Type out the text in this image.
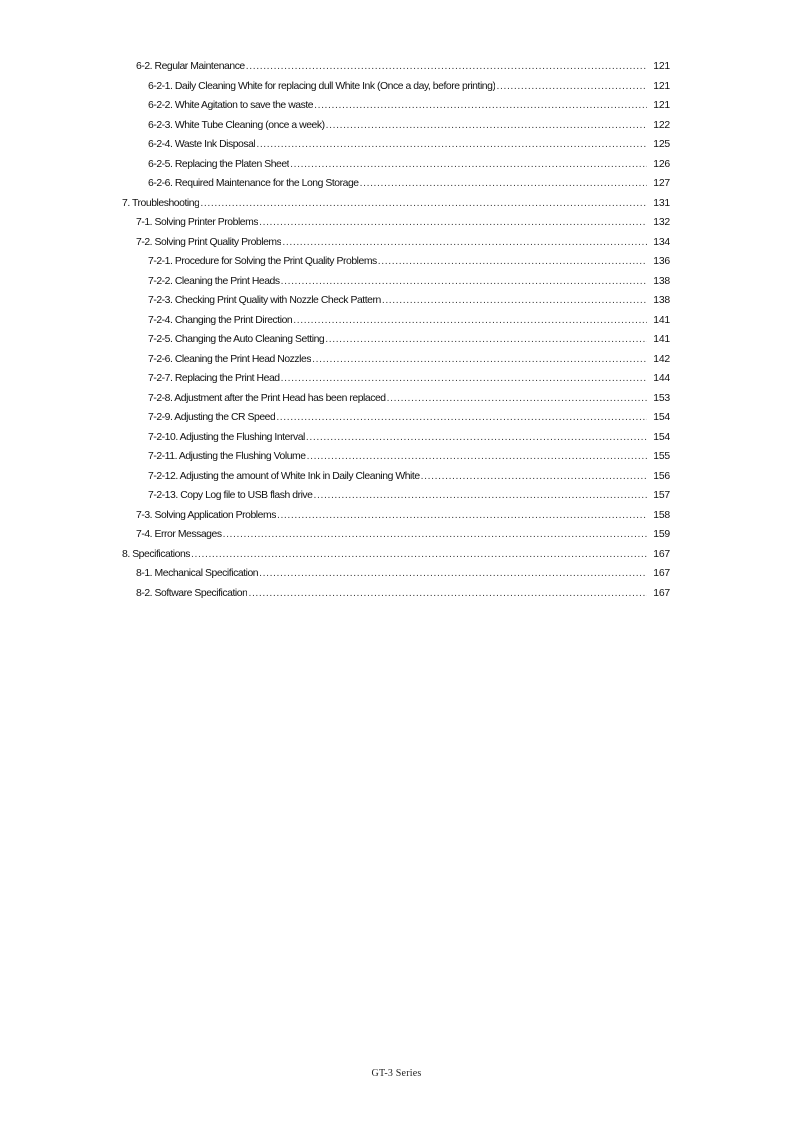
6-2. Regular Maintenance .....	121
6-2-1. Daily Cleaning White for replacing dull White Ink (Once a day, before printing) .....	121
6-2-2. White Agitation to save the waste .....	121
6-2-3. White Tube Cleaning (once a week) .....	122
6-2-4. Waste Ink Disposal .....	125
6-2-5. Replacing the Platen Sheet .....	126
6-2-6. Required Maintenance for the Long Storage .....	127
7. Troubleshooting .....	131
7-1. Solving Printer Problems .....	132
7-2. Solving Print Quality Problems .....	134
7-2-1. Procedure for Solving the Print Quality Problems .....	136
7-2-2. Cleaning the Print Heads .....	138
7-2-3. Checking Print Quality with Nozzle Check Pattern .....	138
7-2-4. Changing the Print Direction .....	141
7-2-5. Changing the Auto Cleaning Setting .....	141
7-2-6. Cleaning the Print Head Nozzles .....	142
7-2-7. Replacing the Print Head .....	144
7-2-8. Adjustment after the Print Head has been replaced .....	153
7-2-9. Adjusting the CR Speed .....	154
7-2-10. Adjusting the Flushing Interval .....	154
7-2-11. Adjusting the Flushing Volume .....	155
7-2-12. Adjusting the amount of White Ink in Daily Cleaning White .....	156
7-2-13. Copy Log file to USB flash drive .....	157
7-3. Solving Application Problems .....	158
7-4. Error Messages .....	159
8. Specifications .....	167
8-1. Mechanical Specification .....	167
8-2. Software Specification .....	167
GT-3 Series
